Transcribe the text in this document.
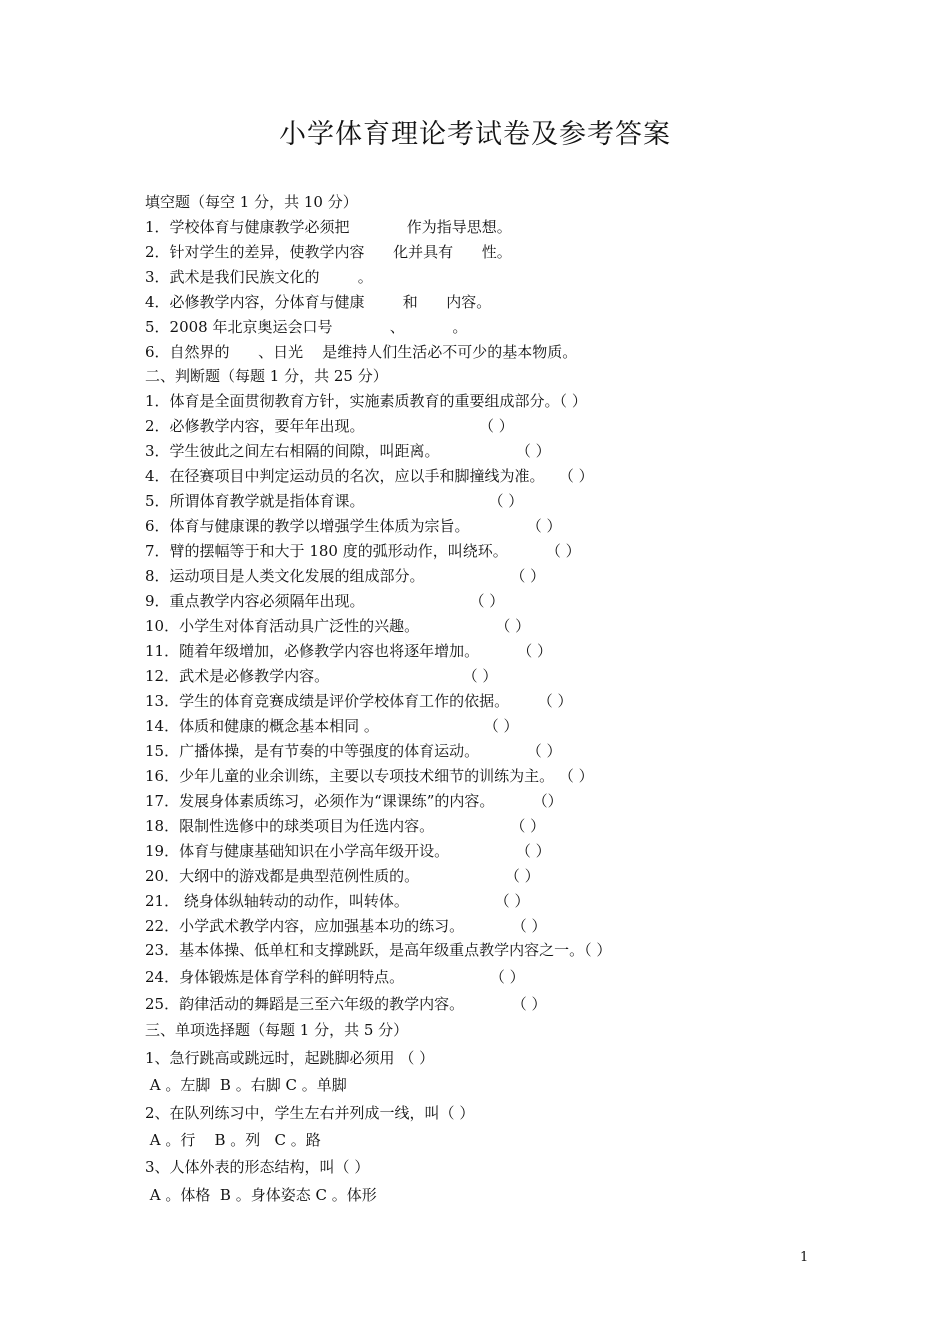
小学体育理论考试卷及参考答案
填空题（每空 1 分，共 10 分）
1．学校体育与健康教学必须把            作为指导思想。
2．针对学生的差异，使教学内容      化并具有      性。
3．武术是我们民族文化的        。
4．必修教学内容，分体育与健康        和      内容。
5．2008 年北京奥运会口号            、          。
6．自然界的      、日光    是维持人们生活必不可少的基本物质。
二、判断题（每题 1 分，共 25 分）
1．体育是全面贯彻教育方针，实施素质教育的重要组成部分。（ ）
2．必修教学内容，要年年出现。                        （ ）
3．学生彼此之间左右相隔的间隙，叫距离。                （ ）
4．在径赛项目中判定运动员的名次，应以手和脚撞线为准。   （ ）
5．所谓体育教学就是指体育课。                          （ ）
6．体育与健康课的教学以增强学生体质为宗旨。            （ ）
7．臂的摆幅等于和大于 180 度的弧形动作，叫绕环。        （ ）
8．运动项目是人类文化发展的组成部分。                  （ ）
9．重点教学内容必须隔年出现。                      （ ）
10．小学生对体育活动具广泛性的兴趣。                （ ）
11．随着年级增加，必修教学内容也将逐年增加。        （ ）
12．武术是必修教学内容。                            （ ）
13．学生的体育竞赛成绩是评价学校体育工作的依据。      （ ）
14．体质和健康的概念基本相同 。                      （ ）
15．广播体操，是有节奏的中等强度的体育运动。          （ ）
16．少年儿童的业余训练，主要以专项技术细节的训练为主。 （ ）
17．发展身体素质练习，必须作为“课课练”的内容。        （）
18．限制性选修中的球类项目为任选内容。                （ ）
19．体育与健康基础知识在小学高年级开设。              （ ）
20．大纲中的游戏都是典型范例性质的。                  （ ）
21． 绕身体纵轴转动的动作，叫转体。                  （ ）
22．小学武术教学内容，应加强基本功的练习。          （ ）
23．基本体操、低单杠和支撑跳跃，是高年级重点教学内容之一。（ ）
24．身体锻炼是体育学科的鲜明特点。                  （ ）
25．韵律活动的舞蹈是三至六年级的教学内容。          （ ）
三、单项选择题（每题 1 分，共 5 分）
1、急行跳高或跳远时，起跳脚必须用 （ ）
A 。左脚  B 。右脚 C 。单脚
2、在队列练习中，学生左右并列成一线，叫（ ）
A 。行    B 。列   C 。路
3、人体外表的形态结构，叫（ ）
A 。体格  B 。身体姿态 C 。体形
1
